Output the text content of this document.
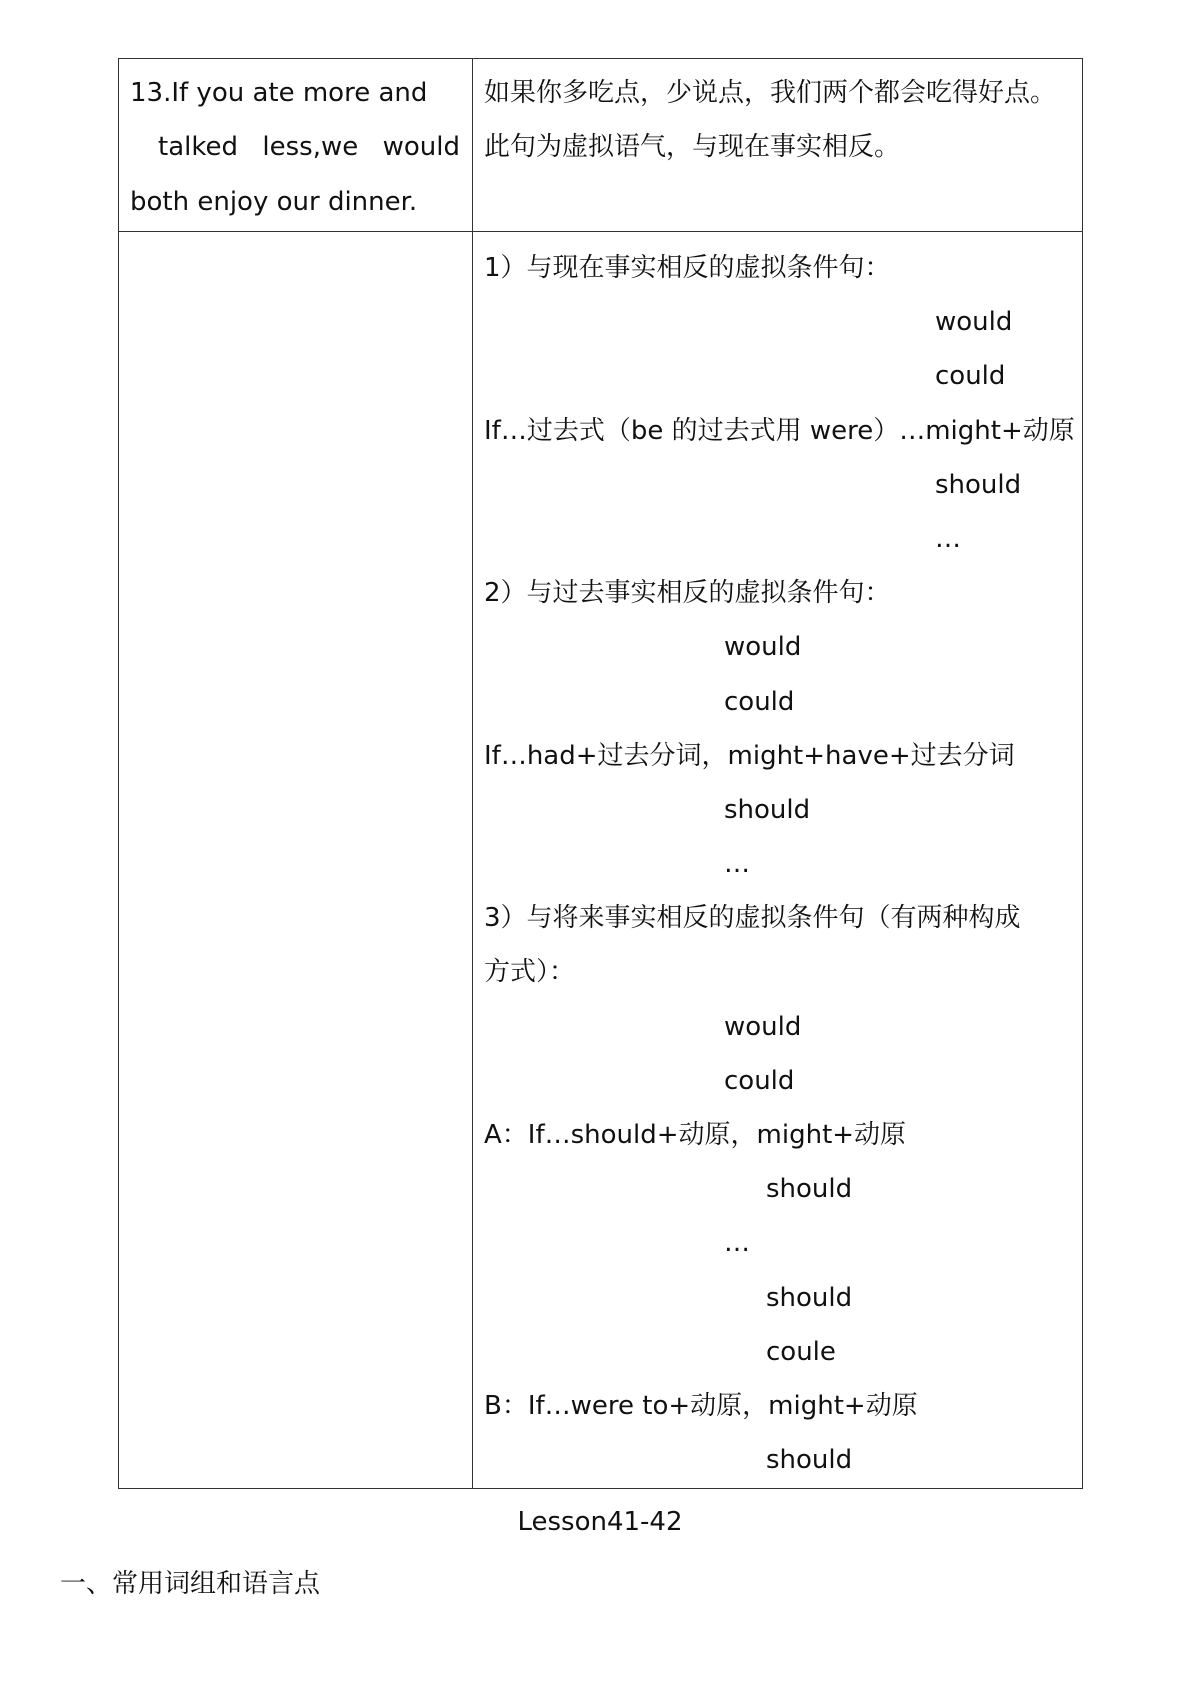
13.If you ate more and
talked less,we would
both enjoy our dinner.
如果你多吃点，少说点，我们两个都会吃得好点。
此句为虚拟语气，与现在事实相反。
1）与现在事实相反的虚拟条件句：
would
could
If…过去式（be 的过去式用 were）…might+动原
should
…
2）与过去事实相反的虚拟条件句：
would
could
If…had+过去分词，might+have+过去分词
should
…
3）与将来事实相反的虚拟条件句（有两种构成
方式）：
would
could
A：If…should+动原，might+动原
should
…
should
coule
B：If…were to+动原，might+动原
should
Lesson41-42
一、常用词组和语言点
